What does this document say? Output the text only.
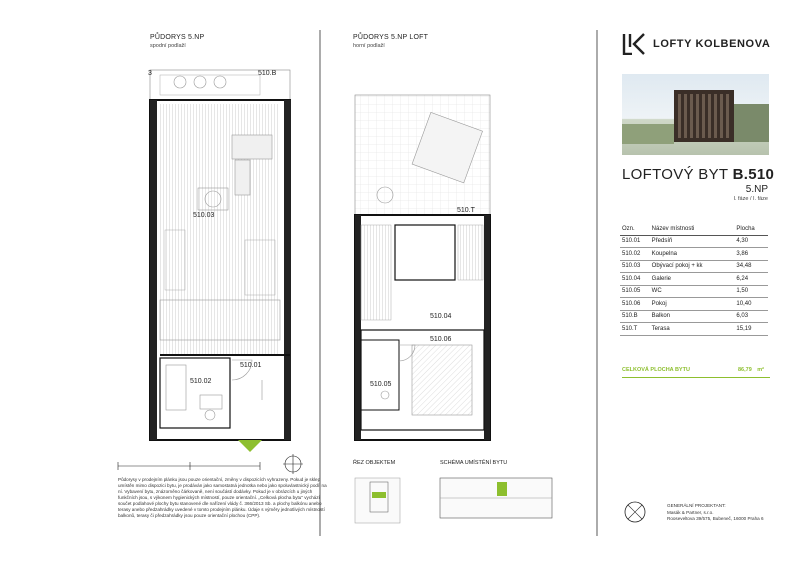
PŮDORYS 5.NP
spodní podlaží
PŮDORYS 5.NP LOFT
horní podlaží
3	510.B
510.03
510.01
510.02
510.T
510.04
510.06
510.05
LOFTY KOLBENOVA
LOFTOVÝ BYT B.510
5.NP
I. fáze / I. fáze
Ozn.	Název místnosti	Plocha
510.01	Předsíň	4,30
510.02	Koupelna	3,86
510.03	Obývací pokoj + kk	34,48
510.04	Galerie	6,24
510.05	WC	1,50
510.06	Pokoj	10,40
510.B	Balkon	6,03
510.T	Terasa	15,19
CELKOVÁ PLOCHA BYTU	86,79 m²
Půdorysy v prodejním plánku jsou pouze orientační, změny v dispozicích vyhrazeny. Pokud je sklep umístěn mimo dispozici bytu, je prodáván jako samostatná jednotka nebo jako spoluvlastnický podíl na ní. Vybavení bytu, znázorněno čárkovaně, není součástí dodávky. Pokud je v obrázcích u jiných funkčních jsou, s výkonem hygienických místností, pouze orientační. „Celková plocha bytu" vychází součet podlahové plochy bytu stanovené dle nařízení vlády č. 366/2013 Sb. a plochy balkónu anebo terasy anebo předzahrádky uvedené v tomto prodejním plánku. Údaje s výměry jednotlivých místností balkonů, terasy či předzahrádky jsou pouze orientační plochou (CPP).
ŘEZ OBJEKTEM	SCHÉMA UMÍSTĚNÍ BYTU
GENERÁLNÍ PROJEKTANT:
Masák & Partner, s.r.o.
Rooseveltova 39/575, Bubeneč, 16000 Praha 6
